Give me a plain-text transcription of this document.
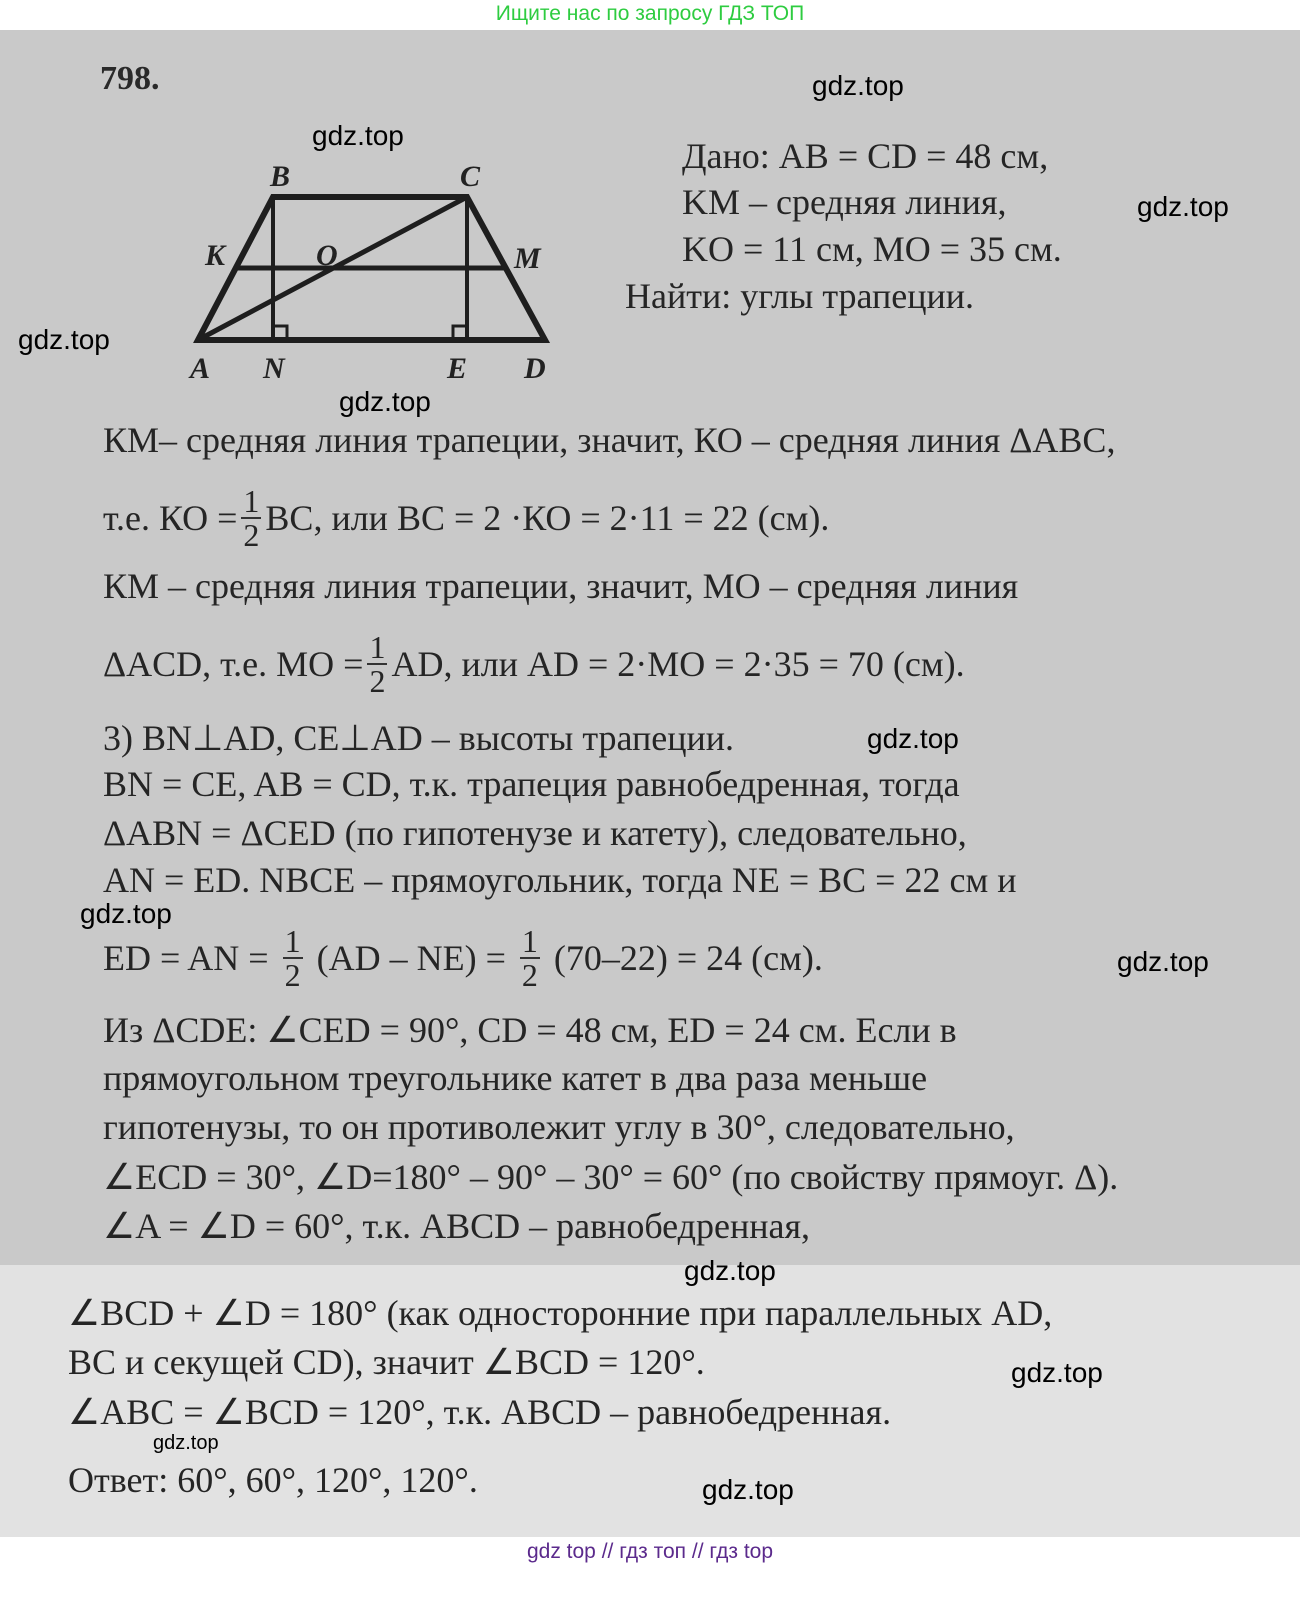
Ищите нас по запросу ГДЗ ТОП
798.
B	C
K	O	M
A N	E D
Дано: AB = CD = 48 см,
KM – средняя линия,
KO = 11 см, MO = 35 см.
Найти: углы трапеции.
КМ– средняя линия трапеции, значит, КО – средняя линия ΔАВС,
т.е. КО = $\frac{1}{2}$ ВС, или ВС = 2 ·КО = 2·11 = 22 (см).
КМ – средняя линия трапеции, значит, МО – средняя линия
ΔACD, т.е. МО = $\frac{1}{2}$ AD, или AD = 2·МО = 2·35 = 70 (см).
3) BN⊥AD, CE⊥AD – высоты трапеции.
BN = CE, AB = CD, т.к. трапеция равнобедренная, тогда
ΔABN = ΔCED (по гипотенузе и катету), следовательно,
AN = ED. NBCE – прямоугольник, тогда NE = BC = 22 см и
ED = AN = $\frac{1}{2} (AD - NE) = \frac{1}{2} (70-22) = 24$ (см).
Из ΔCDE: ∠CED = 90°, CD = 48 см, ED = 24 см. Если в
прямоугольном треугольнике катет в два раза меньше
гипотенузы, то он противолежит углу в 30°, следовательно,
∠ECD = 30°, ∠D=180° – 90° – 30° = 60° (по свойству прямоуг. Δ).
∠A = ∠D = 60°, т.к. ABCD – равнобедренная,
∠BCD + ∠D = 180° (как односторонние при параллельных AD,
BC и секущей CD), значит ∠BCD = 120°.
∠ABC = ∠BCD = 120°, т.к. ABCD – равнобедренная.
Ответ: 60°, 60°, 120°, 120°.
gdz.top
gdz.top
gdz.top
gdz.top
gdz.top
gdz.top
gdz.top
gdz.top
gdz.top
gdz.top
gdz.top
gdz.top
gdz top // гдз топ // гдз top
